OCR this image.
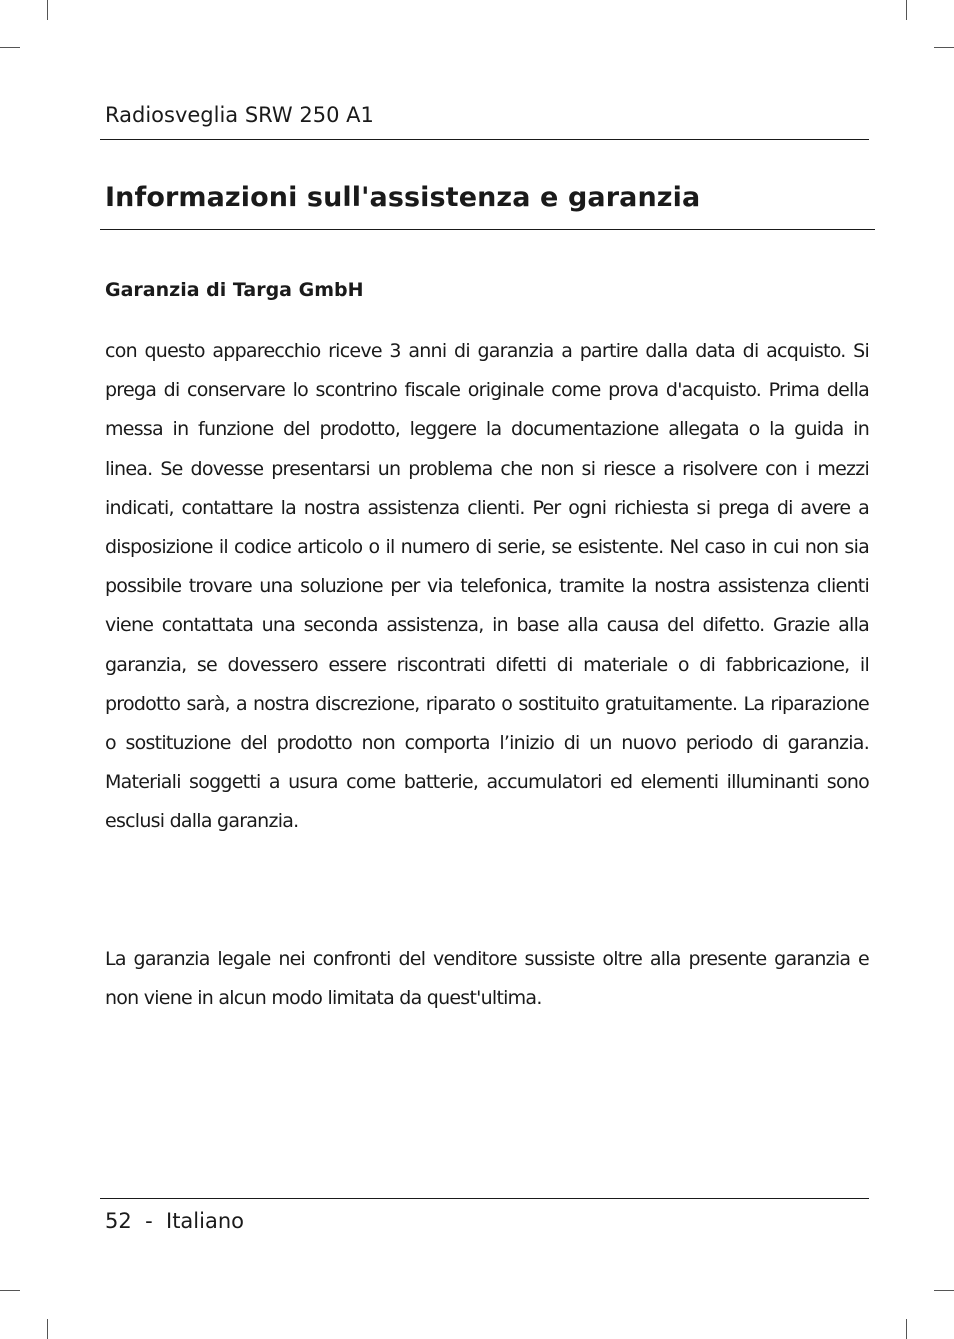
Radiosveglia SRW 250 A1
Informazioni sull'assistenza e garanzia
Garanzia di Targa GmbH

con questo apparecchio riceve 3 anni di garanzia a partire dalla data di acquisto. Si prega di conservare lo scontrino fiscale originale come prova d'acquisto. Prima della messa in funzione del prodotto, leggere la documentazione allegata o la guida in linea. Se dovesse presentarsi un problema che non si riesce a risolvere con i mezzi indicati, contattare la nostra assistenza clienti. Per ogni richiesta si prega di avere a disposizione il codice articolo o il numero di serie, se esistente. Nel caso in cui non sia possibile trovare una soluzione per via telefonica, tramite la nostra assistenza clienti viene contattata una seconda assistenza, in base alla causa del difetto. Grazie alla garanzia, se dovessero essere riscontrati difetti di materiale o di fabbricazione, il prodotto sarà, a nostra discrezione, riparato o sostituito gratuitamente. La riparazione o sostituzione del prodotto non comporta l’inizio di un nuovo periodo di garanzia. Materiali soggetti a usura come batterie, accumulatori ed elementi illuminanti sono esclusi dalla garanzia.

La garanzia legale nei confronti del venditore sussiste oltre alla presente garanzia e non viene in alcun modo limitata da quest'ultima.

52  -  Italiano
